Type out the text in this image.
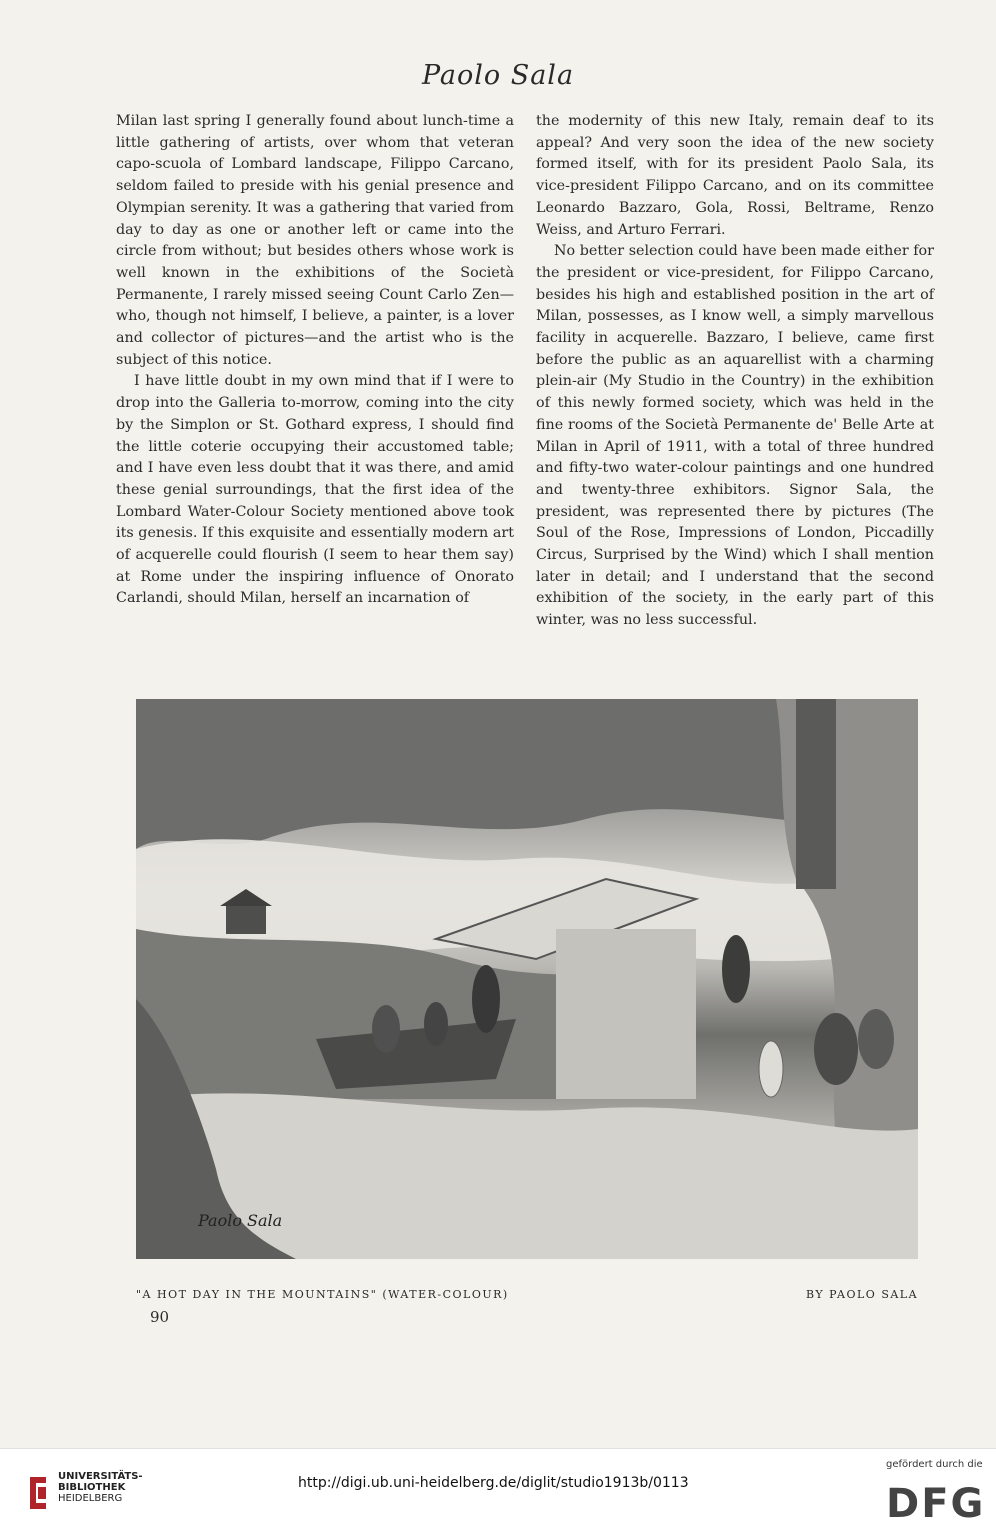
Paolo Sala

Milan last spring I generally found about lunch-time a little gathering of artists, over whom that veteran capo-scuola of Lombard landscape, Filippo Carcano, seldom failed to preside with his genial presence and Olympian serenity. It was a gathering that varied from day to day as one or another left or came into the circle from without; but besides others whose work is well known in the exhibitions of the Società Permanente, I rarely missed seeing Count Carlo Zen—who, though not himself, I believe, a painter, is a lover and collector of pictures—and the artist who is the subject of this notice.

I have little doubt in my own mind that if I were to drop into the Galleria to-morrow, coming into the city by the Simplon or St. Gothard express, I should find the little coterie occupying their accustomed table; and I have even less doubt that it was there, and amid these genial surroundings, that the first idea of the Lombard Water-Colour Society mentioned above took its genesis. If this exquisite and essentially modern art of acquerelle could flourish (I seem to hear them say) at Rome under the inspiring influence of Onorato Carlandi, should Milan, herself an incarnation of

the modernity of this new Italy, remain deaf to its appeal? And very soon the idea of the new society formed itself, with for its president Paolo Sala, its vice-president Filippo Carcano, and on its committee Leonardo Bazzaro, Gola, Rossi, Beltrame, Renzo Weiss, and Arturo Ferrari.

No better selection could have been made either for the president or vice-president, for Filippo Carcano, besides his high and established position in the art of Milan, possesses, as I know well, a simply marvellous facility in acquerelle. Bazzaro, I believe, came first before the public as an aquarellist with a charming plein-air (My Studio in the Country) in the exhibition of this newly formed society, which was held in the fine rooms of the Società Permanente de' Belle Arte at Milan in April of 1911, with a total of three hundred and fifty-two water-colour paintings and one hundred and twenty-three exhibitors. Signor Sala, the president, was represented there by pictures (The Soul of the Rose, Impressions of London, Piccadilly Circus, Surprised by the Wind) which I shall mention later in detail; and I understand that the second exhibition of the society, in the early part of this winter, was no less successful.

Paolo Sala
"A HOT DAY IN THE MOUNTAINS" (WATER-COLOUR)	BY PAOLO SALA
90
UNIVERSITÄTS-
BIBLIOTHEK
HEIDELBERG
http://digi.ub.uni-heidelberg.de/diglit/studio1913b/0113
gefördert durch die
DFG
